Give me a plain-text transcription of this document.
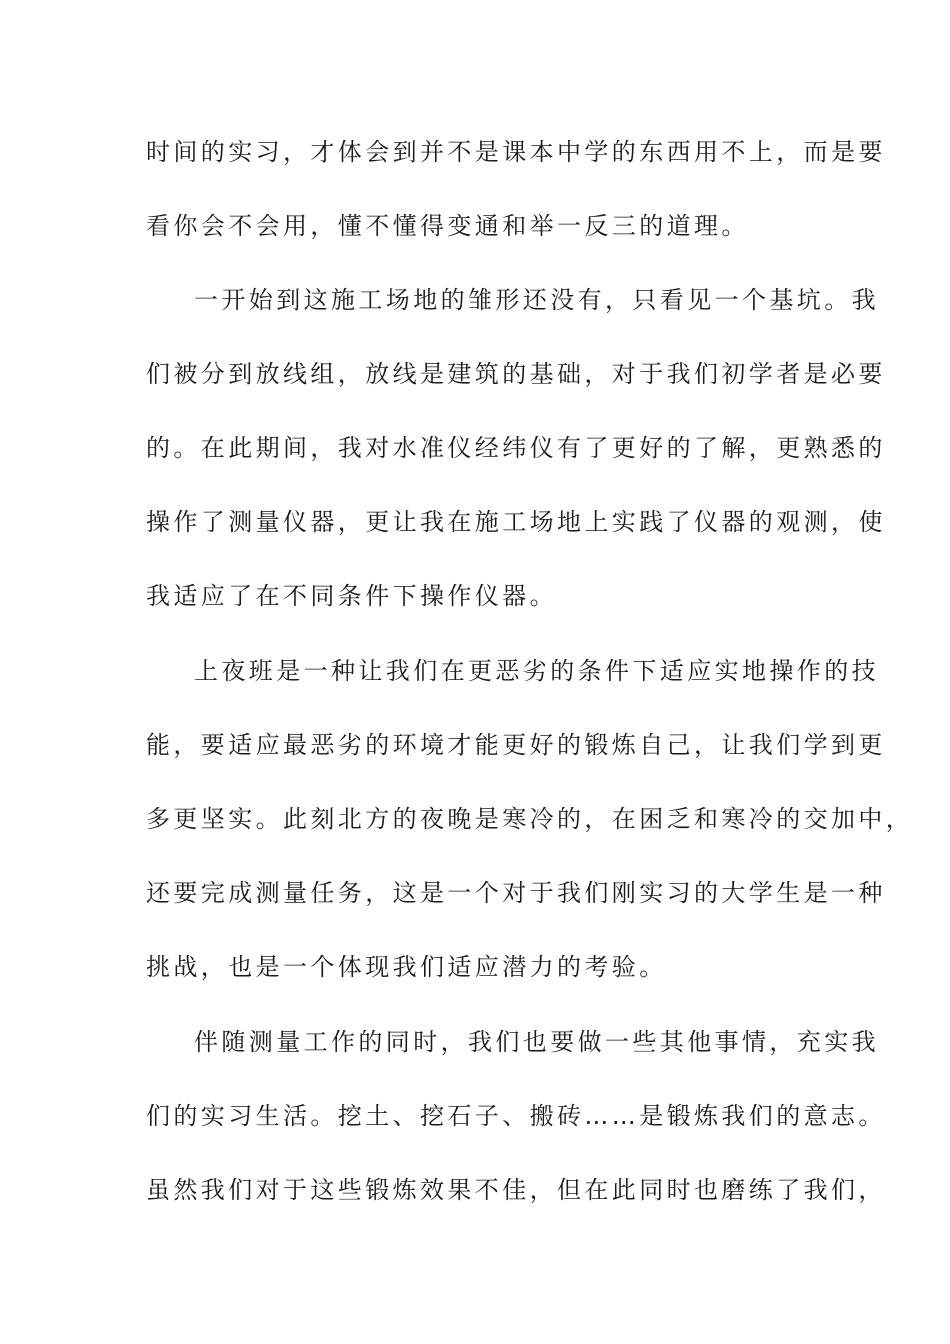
时间的实习，才体会到并不是课本中学的东西用不上，而是要

看你会不会用，懂不懂得变通和举一反三的道理。

一开始到这施工场地的雏形还没有，只看见一个基坑。我

们被分到放线组，放线是建筑的基础，对于我们初学者是必要

的。在此期间，我对水准仪经纬仪有了更好的了解，更熟悉的

操作了测量仪器，更让我在施工场地上实践了仪器的观测，使

我适应了在不同条件下操作仪器。

上夜班是一种让我们在更恶劣的条件下适应实地操作的技

能，要适应最恶劣的环境才能更好的锻炼自己，让我们学到更

多更坚实。此刻北方的夜晚是寒冷的，在困乏和寒冷的交加中，

还要完成测量任务，这是一个对于我们刚实习的大学生是一种

挑战，也是一个体现我们适应潜力的考验。

伴随测量工作的同时，我们也要做一些其他事情，充实我

们的实习生活。挖土、挖石子、搬砖……是锻炼我们的意志。

虽然我们对于这些锻炼效果不佳，但在此同时也磨练了我们，
